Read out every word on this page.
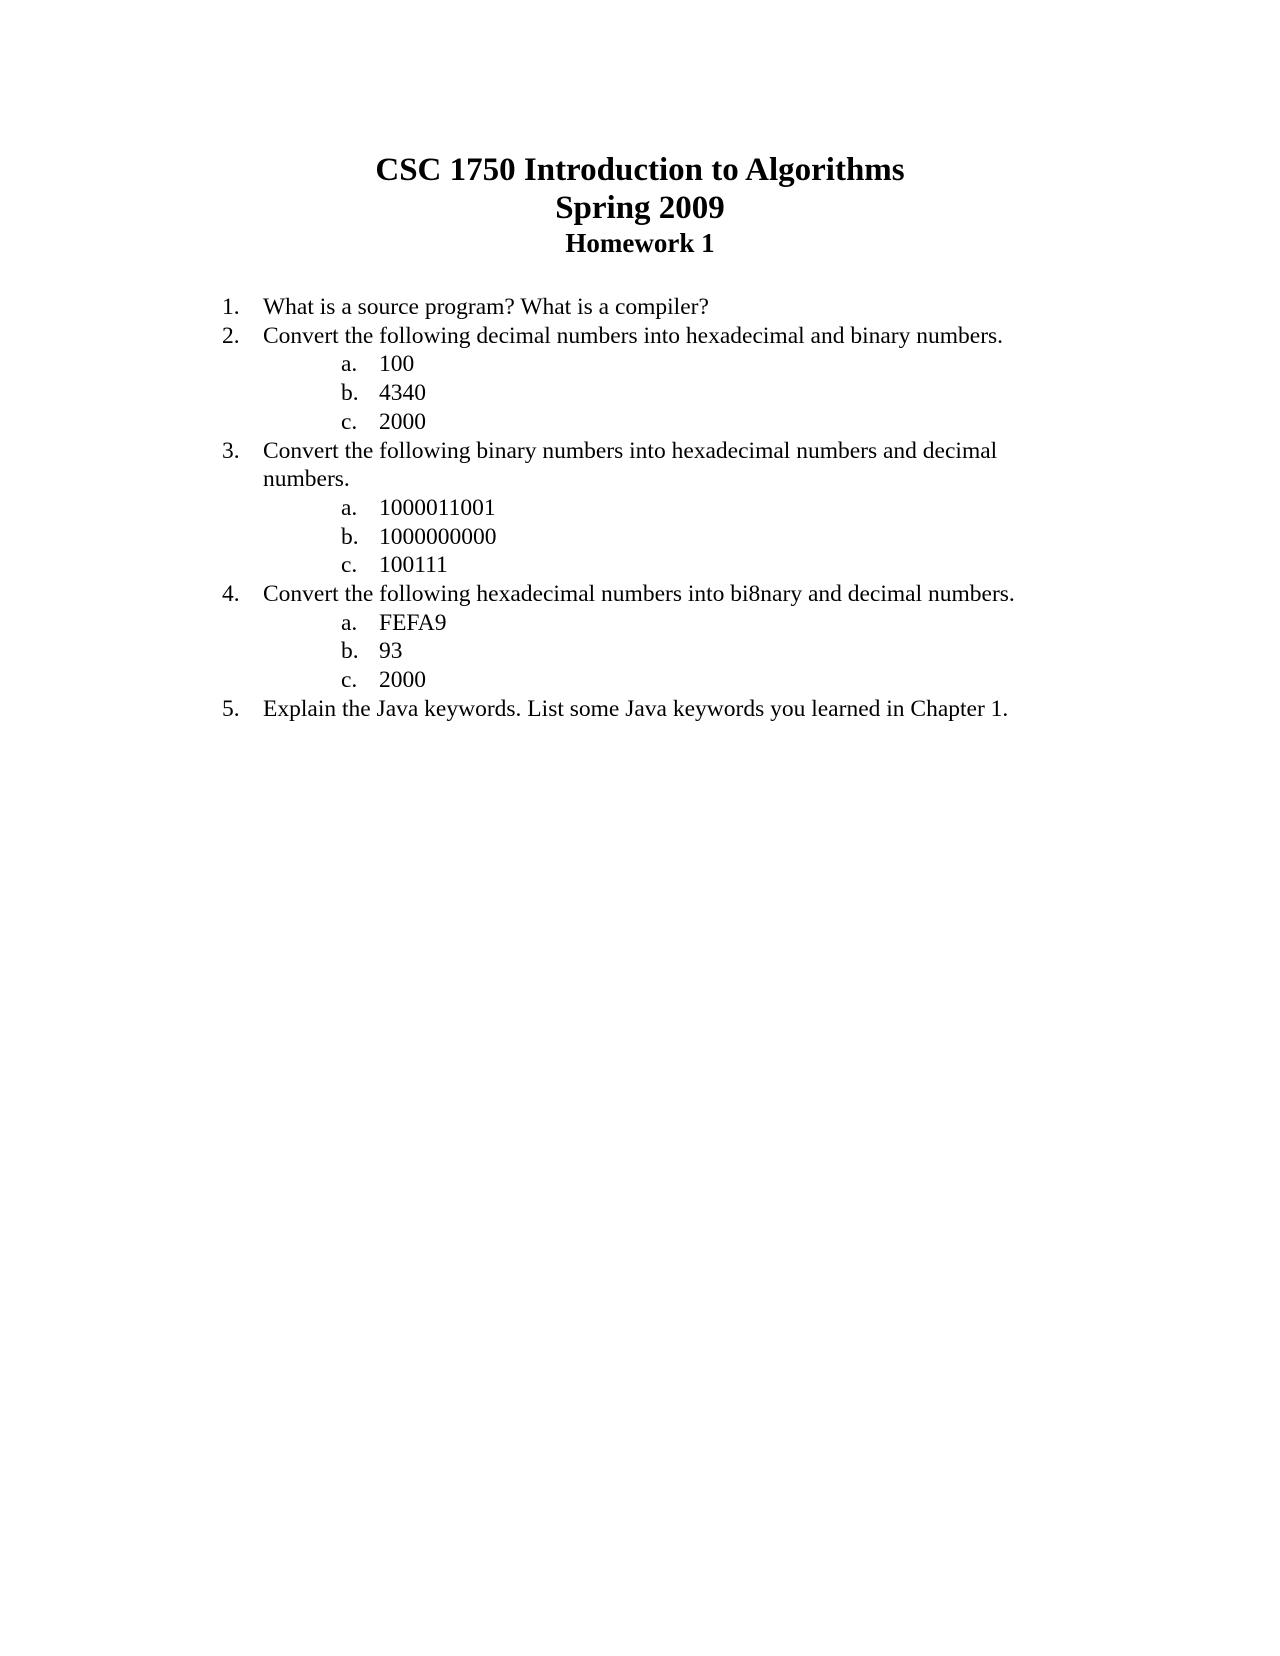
CSC 1750 Introduction to Algorithms
Spring 2009
Homework 1
1. What is a source program? What is a compiler?
2. Convert the following decimal numbers into hexadecimal and binary numbers.
a. 100
b. 4340
c. 2000
3. Convert the following binary numbers into hexadecimal numbers and decimal numbers.
a. 1000011001
b. 1000000000
c. 100111
4. Convert the following hexadecimal numbers into bi8nary and decimal numbers.
a. FEFA9
b. 93
c. 2000
5. Explain the Java keywords. List some Java keywords you learned in Chapter 1.
